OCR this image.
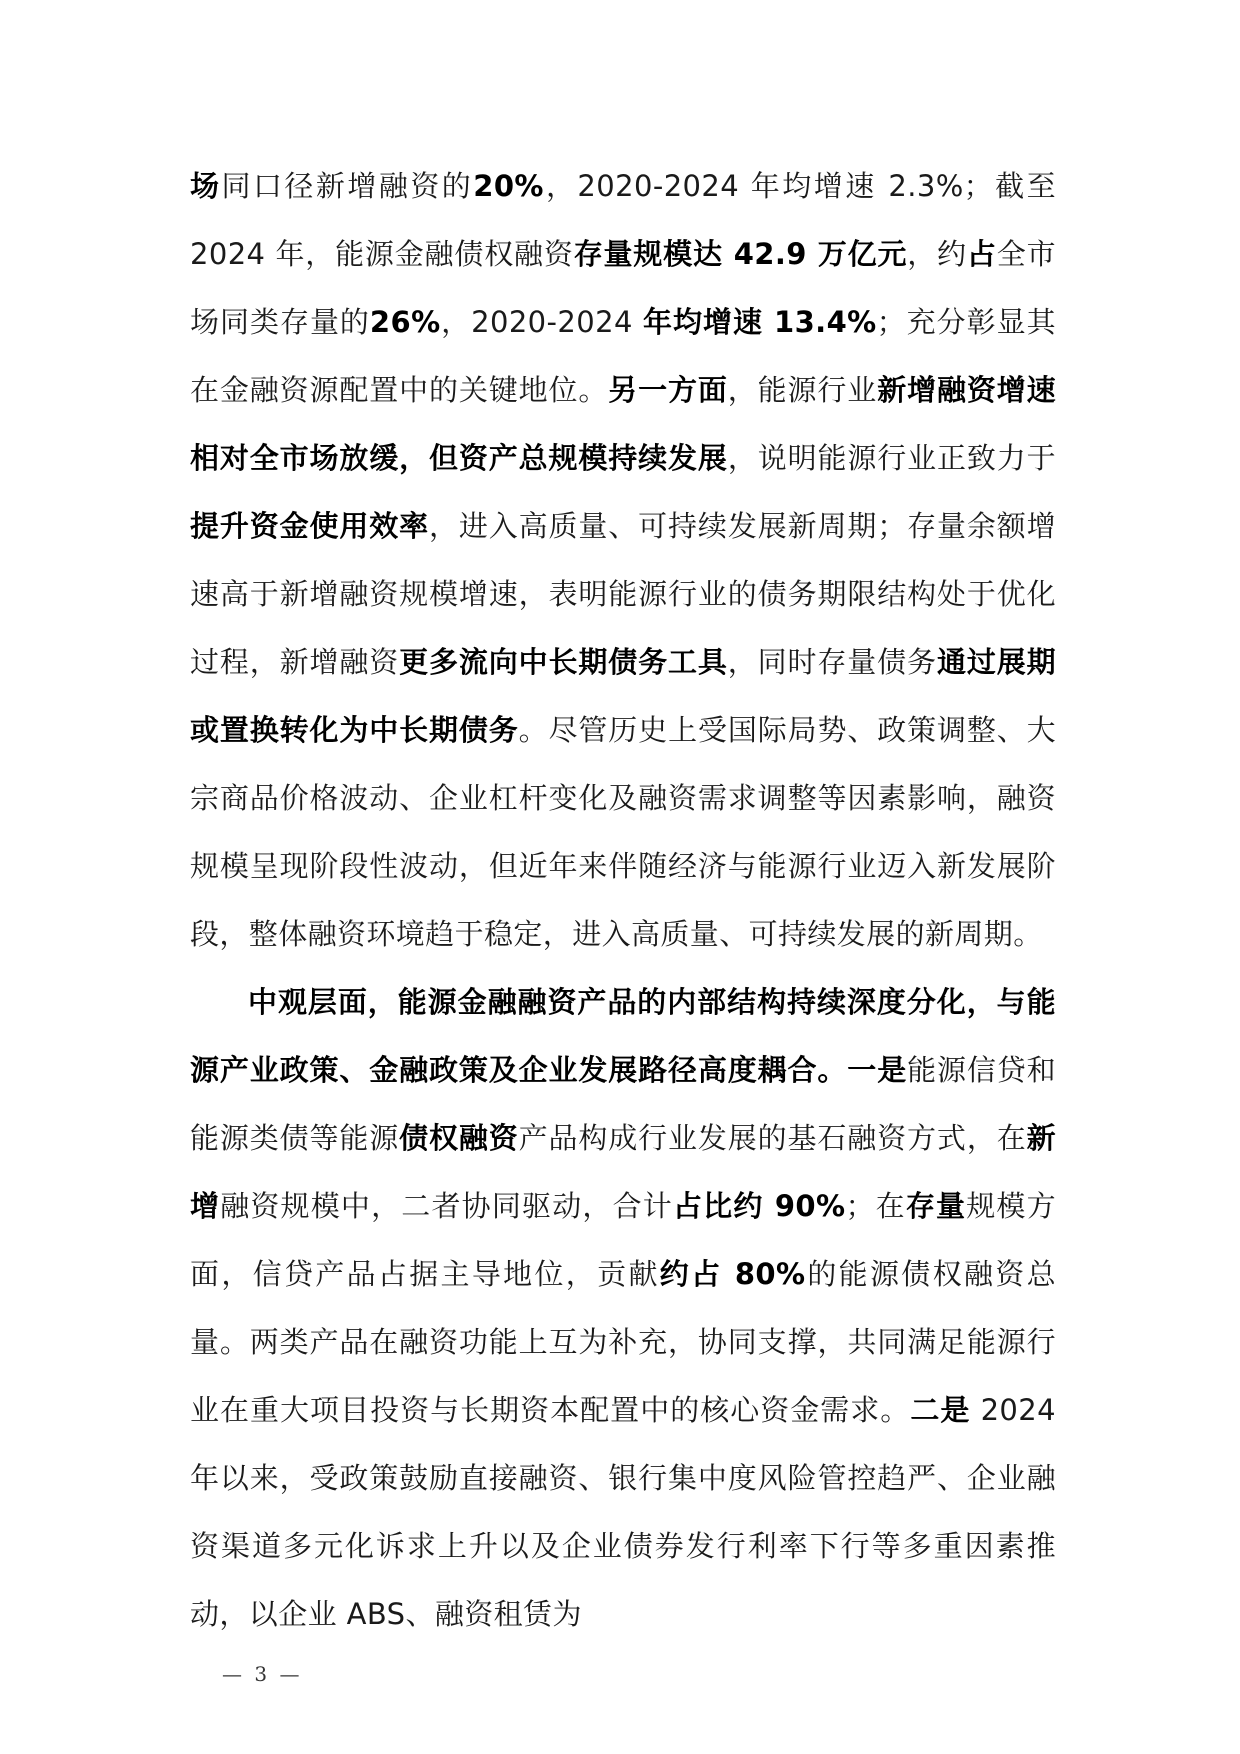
场同口径新增融资的20%，2020-2024 年均增速 2.3%；截至 2024 年，能源金融债权融资存量规模达 42.9 万亿元，约占全市场同类存量的26%，2020-2024 年均增速 13.4%；充分彰显其在金融资源配置中的关键地位。另一方面，能源行业新增融资增速相对全市场放缓，但资产总规模持续发展，说明能源行业正致力于提升资金使用效率，进入高质量、可持续发展新周期；存量余额增速高于新增融资规模增速，表明能源行业的债务期限结构处于优化过程，新增融资更多流向中长期债务工具，同时存量债务通过展期或置换转化为中长期债务。尽管历史上受国际局势、政策调整、大宗商品价格波动、企业杠杆变化及融资需求调整等因素影响，融资规模呈现阶段性波动，但近年来伴随经济与能源行业迈入新发展阶段，整体融资环境趋于稳定，进入高质量、可持续发展的新周期。

中观层面，能源金融融资产品的内部结构持续深度分化，与能源产业政策、金融政策及企业发展路径高度耦合。一是能源信贷和能源类债等能源债权融资产品构成行业发展的基石融资方式，在新增融资规模中，二者协同驱动，合计占比约 90%；在存量规模方面，信贷产品占据主导地位，贡献约占 80%的能源债权融资总量。两类产品在融资功能上互为补充，协同支撑，共同满足能源行业在重大项目投资与长期资本配置中的核心资金需求。二是 2024 年以来，受政策鼓励直接融资、银行集中度风险管控趋严、企业融资渠道多元化诉求上升以及企业债券发行利率下行等多重因素推动，以企业 ABS、融资租赁为

— 3 —
